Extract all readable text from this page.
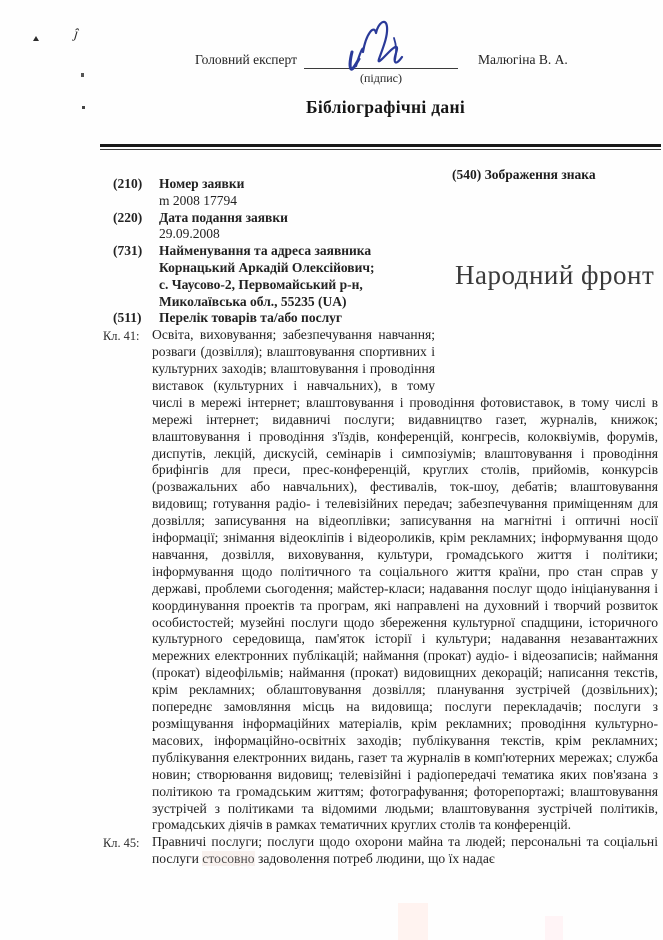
ĵ
Головний експерт
(підпис)
Малюгіна В. А.
Бібліографічні дані
(540) Зображення знака
Народний фронт
(210)	Номер заявки
m 2008 17794
(220)	Дата подання заявки
29.09.2008
(731)	Найменування та адреса заявника
Корнацький Аркадій Олексійович;
с. Чаусово-2, Первомайський р-н,
Миколаївська обл., 55235 (UA)
(511)	Перелік товарів та/або послуг
Кл. 41: Освіта, виховування; забезпечування навчання; розваги (дозвілля); влаштовування спортивних і культурних заходів; влаштовування і проводіння виставок (культурних і навчальних), в тому числі в мережі інтернет; влаштовування і проводіння фотовиставок, в тому числі в мережі інтернет; видавничі послуги; видавництво газет, журналів, книжок; влаштовування і проводіння з'їздів, конференцій, конгресів, колоквіумів, форумів, диспутів, лекцій, дискусій, семінарів і симпозіумів; влаштовування і проводіння брифінгів для преси, прес-конференцій, круглих столів, прийомів, конкурсів (розважальних або навчальних), фестивалів, ток-шоу, дебатів; влаштовування видовищ; готування радіо- і телевізійних передач; забезпечування приміщенням для дозвілля; записування на відеоплівки; записування на магнітні і оптичні носії інформації; знімання відеокліпів і відеороликів, крім рекламних; інформування щодо навчання, дозвілля, виховування, культури, громадського життя і політики; інформування щодо політичного та соціального життя країни, про стан справ у державі, проблеми сьогодення; майстер-класи; надавання послуг щодо ініціанування і координування проектів та програм, які направлені на духовний і творчий розвиток особистостей; музейні послуги щодо збереження культурної спадщини, історичного культурного середовища, пам'яток історії і культури; надавання незавантажних мережних електронних публікацій; наймання (прокат) аудіо- і відеозаписів; наймання (прокат) відеофільмів; наймання (прокат) видовищних декорацій; написання текстів, крім рекламних; облаштовування дозвілля; планування зустрічей (дозвільних); попереднє замовляння місць на видовища; послуги перекладачів; послуги з розміщування інформаційних матеріалів, крім рекламних; проводіння культурно-масових, інформаційно-освітніх заходів; публікування текстів, крім рекламних; публікування електронних видань, газет та журналів в комп'ютерних мережах; служба новин; створювання видовищ; телевізійні і радіопередачі тематика яких пов'язана з політикою та громадським життям; фотографування; фоторепортажі; влаштовування зустрічей з політиками та відомими людьми; влаштовування зустрічей політиків, громадських діячів в рамках тематичних круглих столів та конференцій.
Кл. 45: Правничі послуги; послуги щодо охорони майна та людей; персональні та соціальні послуги стосовно задоволення потреб людини, що їх надає
